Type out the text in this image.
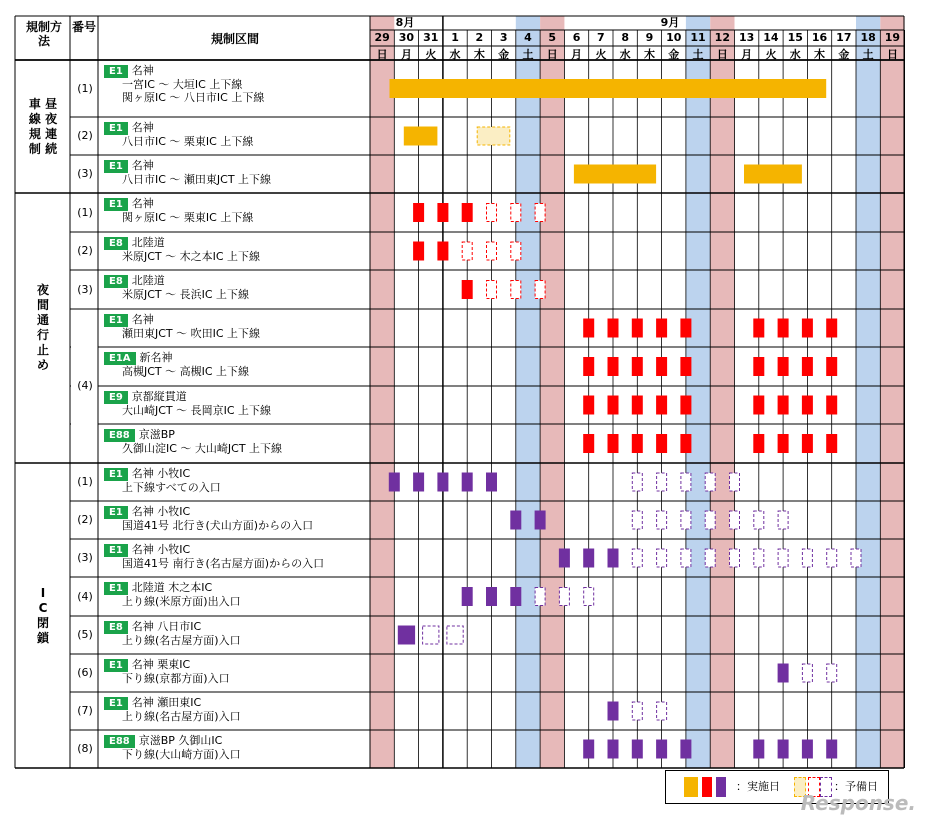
規制方法
番号
規制区間
8月	9月
29
日
30
月
31
火
1
水
2
木
3
金
4
土
5
日
6
月
7
火
8
水
9
木
10
金
11
土
12
日
13
月
14
火
15
水
16
木
17
金
18
土
19
日
車 昼
線 夜
規 連
制 続
夜
間
通
行
止
め
I
C
閉
鎖
(1)
E1 名神
一宮IC ～ 大垣IC 上下線
関ヶ原IC ～ 八日市IC 上下線
(2)
E1 名神
八日市IC ～ 栗東IC 上下線
(3)
E1 名神
八日市IC ～ 瀬田東JCT 上下線
(1)
E1 名神
関ヶ原IC ～ 栗東IC 上下線
(2)
E8 北陸道
米原JCT ～ 木之本IC 上下線
(3)
E8 北陸道
米原JCT ～ 長浜IC 上下線
(4)
E1 名神
瀬田東JCT ～ 吹田IC 上下線
E1A 新名神
高槻JCT ～ 高槻IC 上下線
E9 京都縦貫道
大山崎JCT ～ 長岡京IC 上下線
E88 京滋BP
久御山淀IC ～ 大山崎JCT 上下線
(1)
E1 名神 小牧IC
上下線すべての入口
(2)
E1 名神 小牧IC
国道41号 北行き(犬山方面)からの入口
(3)
E1 名神 小牧IC
国道41号 南行き(名古屋方面)からの入口
(4)
E1 北陸道 木之本IC
上り線(米原方面)出入口
(5)
E8 名神 八日市IC
上り線(名古屋方面)入口
(6)
E1 名神 栗東IC
下り線(京都方面)入口
(7)
E1 名神 瀬田東IC
上り線(名古屋方面)入口
(8)
E88 京滋BP 久御山IC
下り線(大山崎方面)入口
：実施日	：予備日
Response.
